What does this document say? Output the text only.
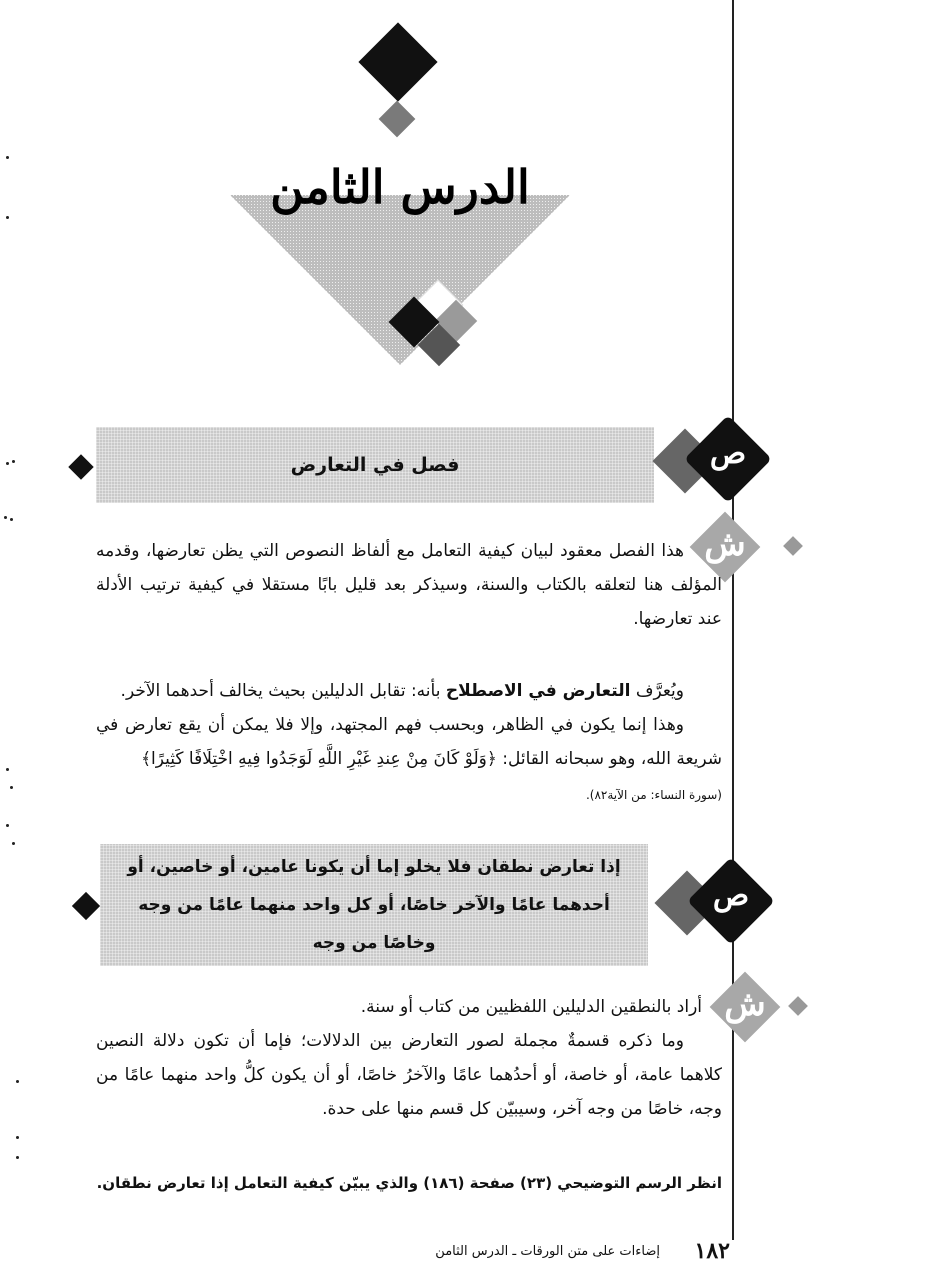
الدرس الثامن
فصل في التعارض	ص
ش
هذا الفصل معقود لبيان كيفية التعامل مع ألفاظ النصوص التي يظن تعارضها، وقدمه المؤلف هنا لتعلقه بالكتاب والسنة، وسيذكر بعد قليل بابًا مستقلا في كيفية ترتيب الأدلة عند تعارضها.
ويُعرَّف التعارض في الاصطلاح بأنه: تقابل الدليلين بحيث يخالف أحدهما الآخر.
وهذا إنما يكون في الظاهر، وبحسب فهم المجتهد، وإلا فلا يمكن أن يقع تعارض في شريعة الله، وهو سبحانه القائل: ﴿وَلَوْ كَانَ مِنْ عِندِ غَيْرِ اللَّهِ لَوَجَدُوا فِيهِ اخْتِلَافًا كَثِيرًا﴾
(سورة النساء: من الآية٨٢).
إذا تعارض نطقان فلا يخلو إما أن يكونا عامين، أو خاصين، أو أحدهما عامًا والآخر خاصًا، أو كل واحد منهما عامًا من وجه وخاصًا من وجه
ص
ش
أراد بالنطقين الدليلين اللفظيين من كتاب أو سنة.
وما ذكره قسمةٌ مجملة لصور التعارض بين الدلالات؛ فإما أن تكون دلالة النصين كلاهما عامة، أو خاصة، أو أحدُهما عامًا والآخرُ خاصًا، أو أن يكون كلُّ واحد منهما عامًا من وجه، خاصًا من وجه آخر، وسيبيّن كل قسم منها على حدة.
انظر الرسم التوضيحي (٢٣) صفحة (١٨٦) والذي يبيّن كيفية التعامل إذا تعارض نطقان.
إضاءات على متن الورقات ـ الدرس الثامن	١٨٢
